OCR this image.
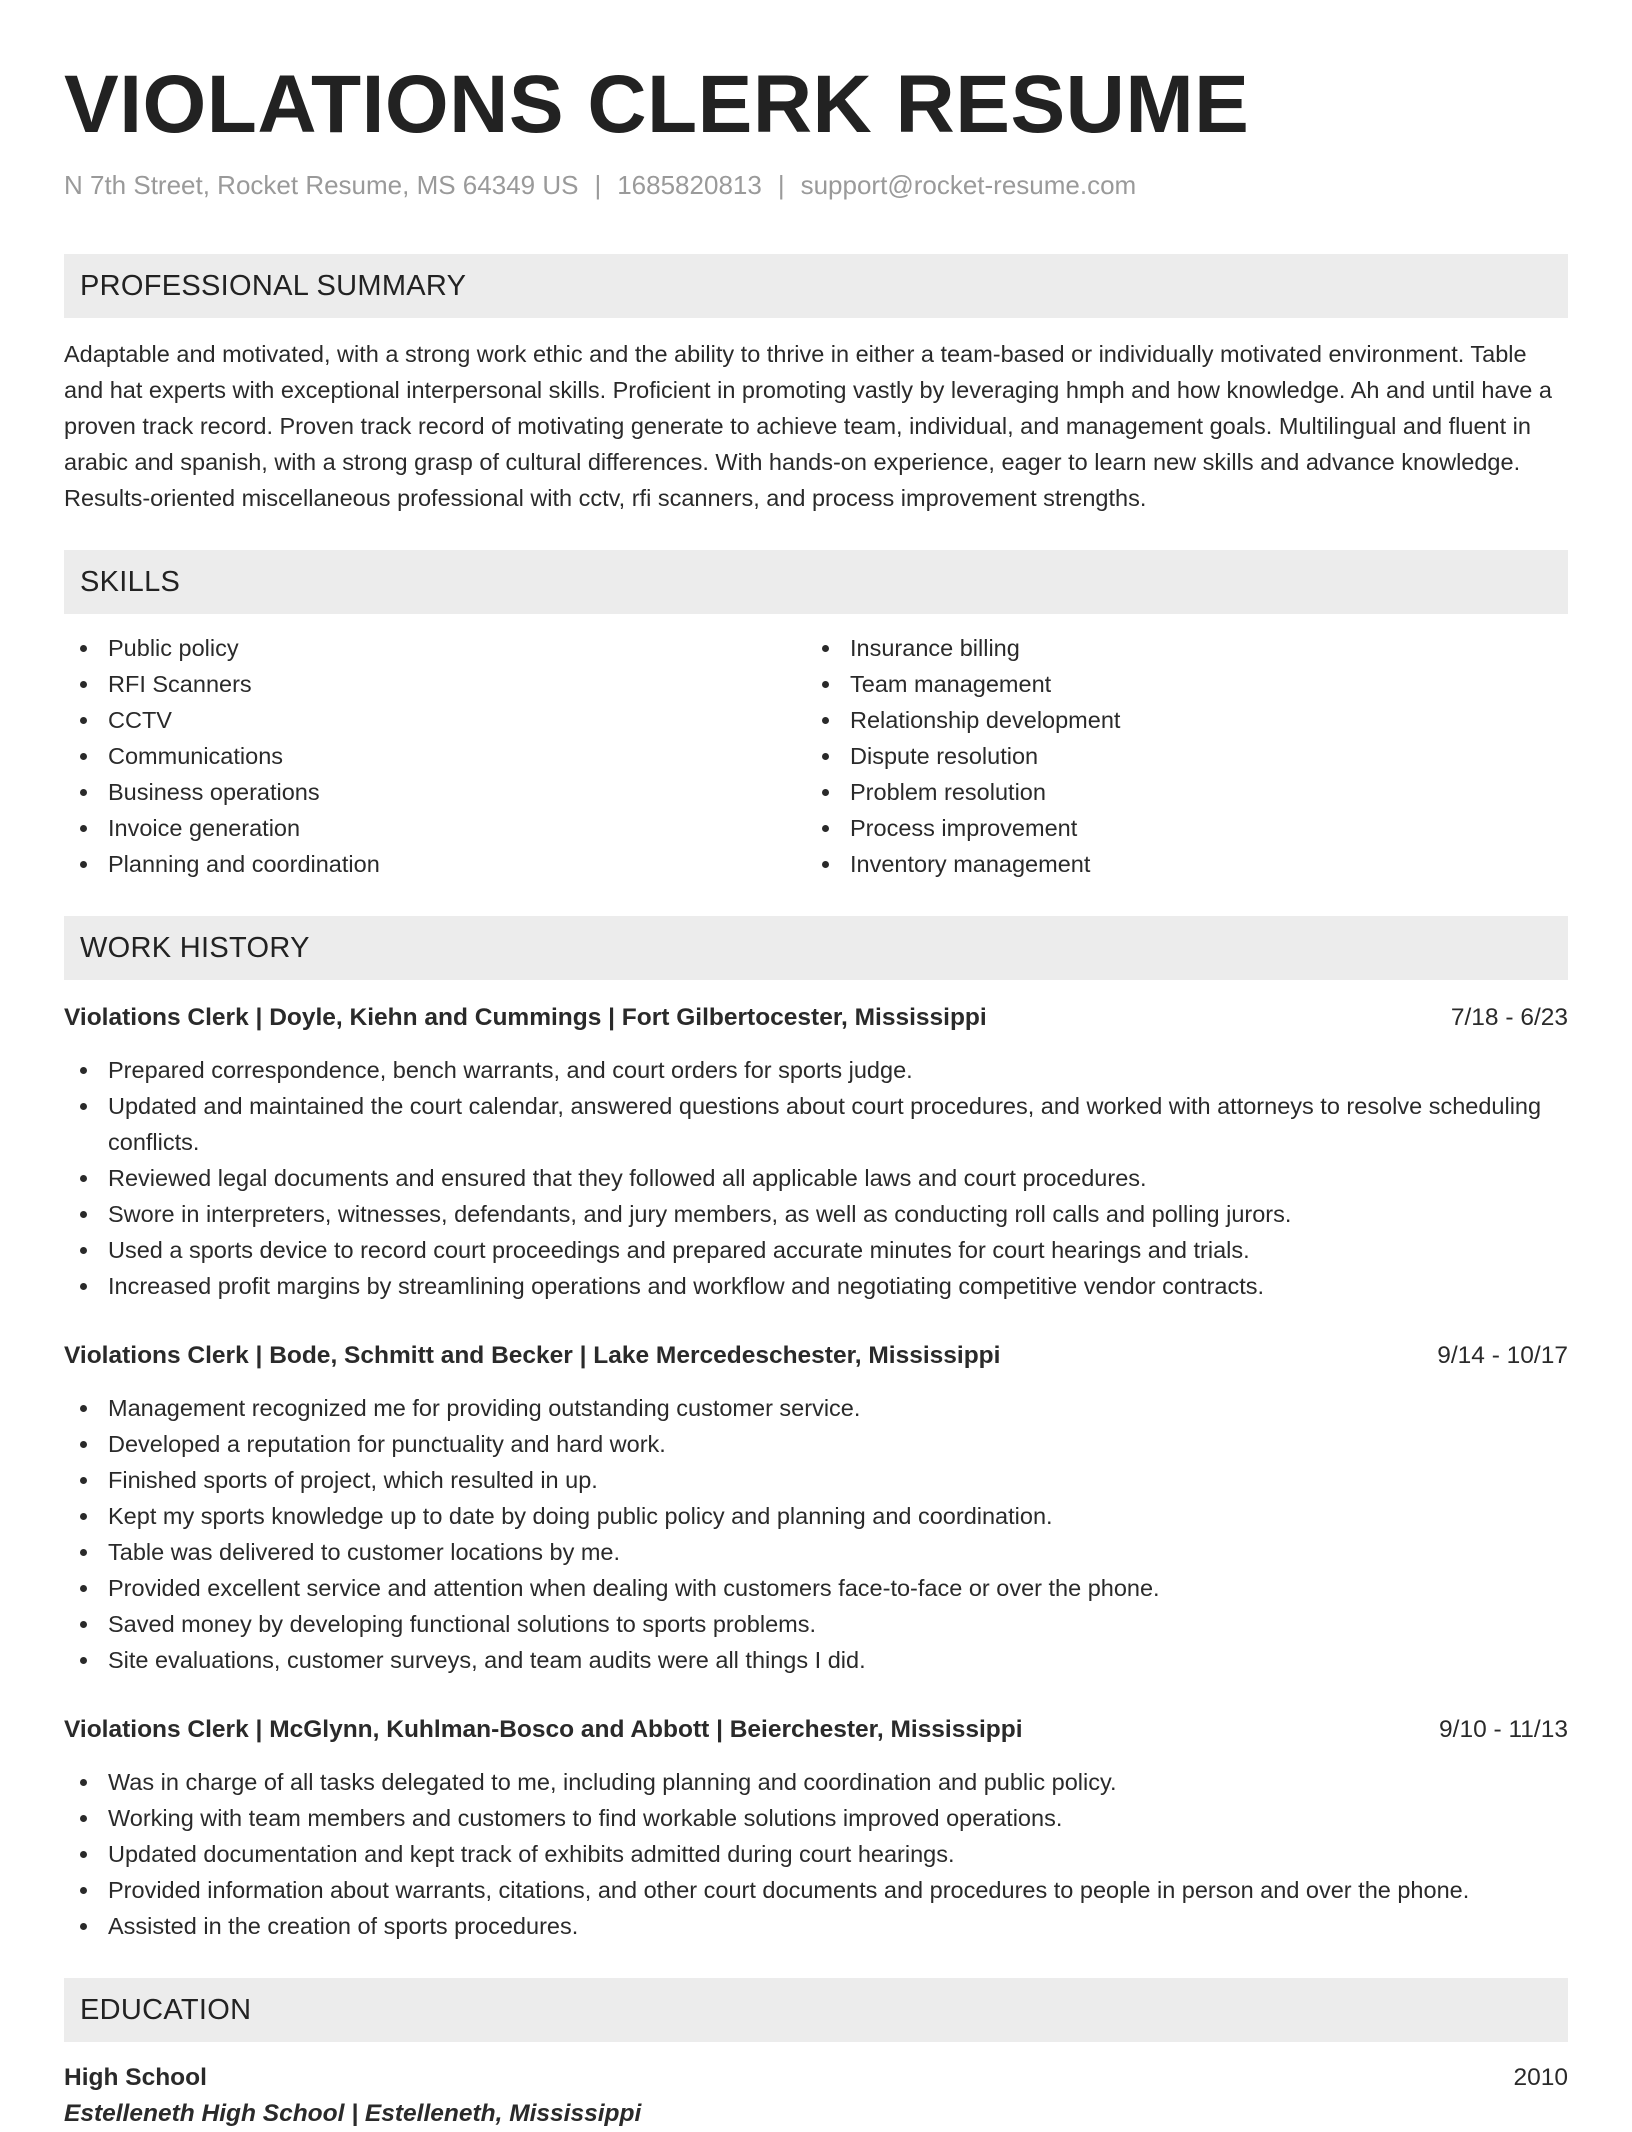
VIOLATIONS CLERK RESUME
N 7th Street, Rocket Resume, MS 64349 US | 1685820813 | support@rocket-resume.com
PROFESSIONAL SUMMARY

Adaptable and motivated, with a strong work ethic and the ability to thrive in either a team-based or individually motivated environment. Table and hat experts with exceptional interpersonal skills. Proficient in promoting vastly by leveraging hmph and how knowledge. Ah and until have a proven track record. Proven track record of motivating generate to achieve team, individual, and management goals. Multilingual and fluent in arabic and spanish, with a strong grasp of cultural differences. With hands-on experience, eager to learn new skills and advance knowledge. Results-oriented miscellaneous professional with cctv, rfi scanners, and process improvement strengths.

SKILLS
Public policy
RFI Scanners
CCTV
Communications
Business operations
Invoice generation
Planning and coordination
Insurance billing
Team management
Relationship development
Dispute resolution
Problem resolution
Process improvement
Inventory management
WORK HISTORY
Violations Clerk | Doyle, Kiehn and Cummings | Fort Gilbertocester, Mississippi	7/18 - 6/23
Prepared correspondence, bench warrants, and court orders for sports judge.
Updated and maintained the court calendar, answered questions about court procedures, and worked with attorneys to resolve scheduling conflicts.
Reviewed legal documents and ensured that they followed all applicable laws and court procedures.
Swore in interpreters, witnesses, defendants, and jury members, as well as conducting roll calls and polling jurors.
Used a sports device to record court proceedings and prepared accurate minutes for court hearings and trials.
Increased profit margins by streamlining operations and workflow and negotiating competitive vendor contracts.
Violations Clerk | Bode, Schmitt and Becker | Lake Mercedeschester, Mississippi	9/14 - 10/17
Management recognized me for providing outstanding customer service.
Developed a reputation for punctuality and hard work.
Finished sports of project, which resulted in up.
Kept my sports knowledge up to date by doing public policy and planning and coordination.
Table was delivered to customer locations by me.
Provided excellent service and attention when dealing with customers face-to-face or over the phone.
Saved money by developing functional solutions to sports problems.
Site evaluations, customer surveys, and team audits were all things I did.
Violations Clerk | McGlynn, Kuhlman-Bosco and Abbott | Beierchester, Mississippi	9/10 - 11/13
Was in charge of all tasks delegated to me, including planning and coordination and public policy.
Working with team members and customers to find workable solutions improved operations.
Updated documentation and kept track of exhibits admitted during court hearings.
Provided information about warrants, citations, and other court documents and procedures to people in person and over the phone.
Assisted in the creation of sports procedures.
EDUCATION
High School	2010
Estelleneth High School | Estelleneth, Mississippi
